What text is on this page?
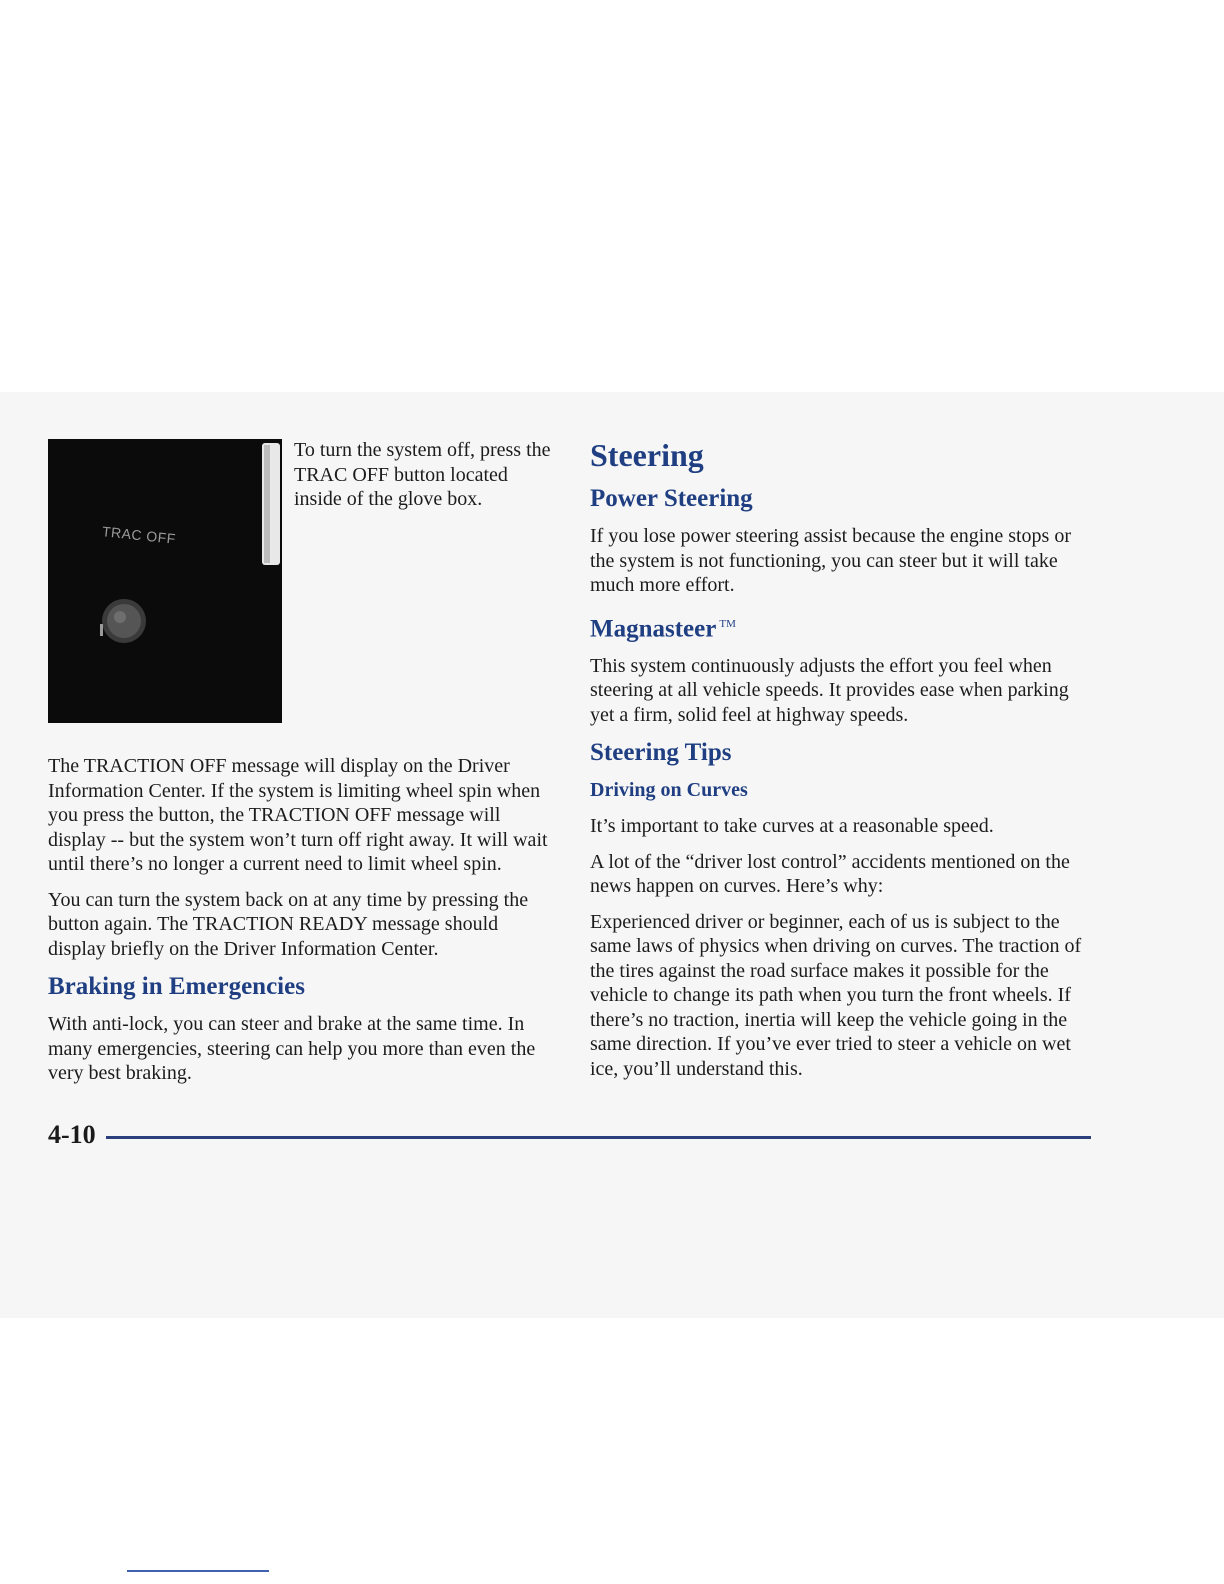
TRAC OFF

To turn the system off, press the TRAC OFF button located inside of the glove box.

The TRACTION OFF message will display on the Driver Information Center. If the system is limiting wheel spin when you press the button, the TRACTION OFF message will display -- but the system won’t turn off right away. It will wait until there’s no longer a current need to limit wheel spin.

You can turn the system back on at any time by pressing the button again. The TRACTION READY message should display briefly on the Driver Information Center.

Braking in Emergencies

With anti-lock, you can steer and brake at the same time. In many emergencies, steering can help you more than even the very best braking.

Steering
Power Steering

If you lose power steering assist because the engine stops or the system is not functioning, you can steer but it will take much more effort.

Magnasteer ™

This system continuously adjusts the effort you feel when steering at all vehicle speeds. It provides ease when parking yet a firm, solid feel at highway speeds.

Steering Tips
Driving on Curves

It’s important to take curves at a reasonable speed.

A lot of the “driver lost control” accidents mentioned on the news happen on curves. Here’s why:

Experienced driver or beginner, each of us is subject to the same laws of physics when driving on curves. The traction of the tires against the road surface makes it possible for the vehicle to change its path when you turn the front wheels. If there’s no traction, inertia will keep the vehicle going in the same direction. If you’ve ever tried to steer a vehicle on wet ice, you’ll understand this.

4-10
